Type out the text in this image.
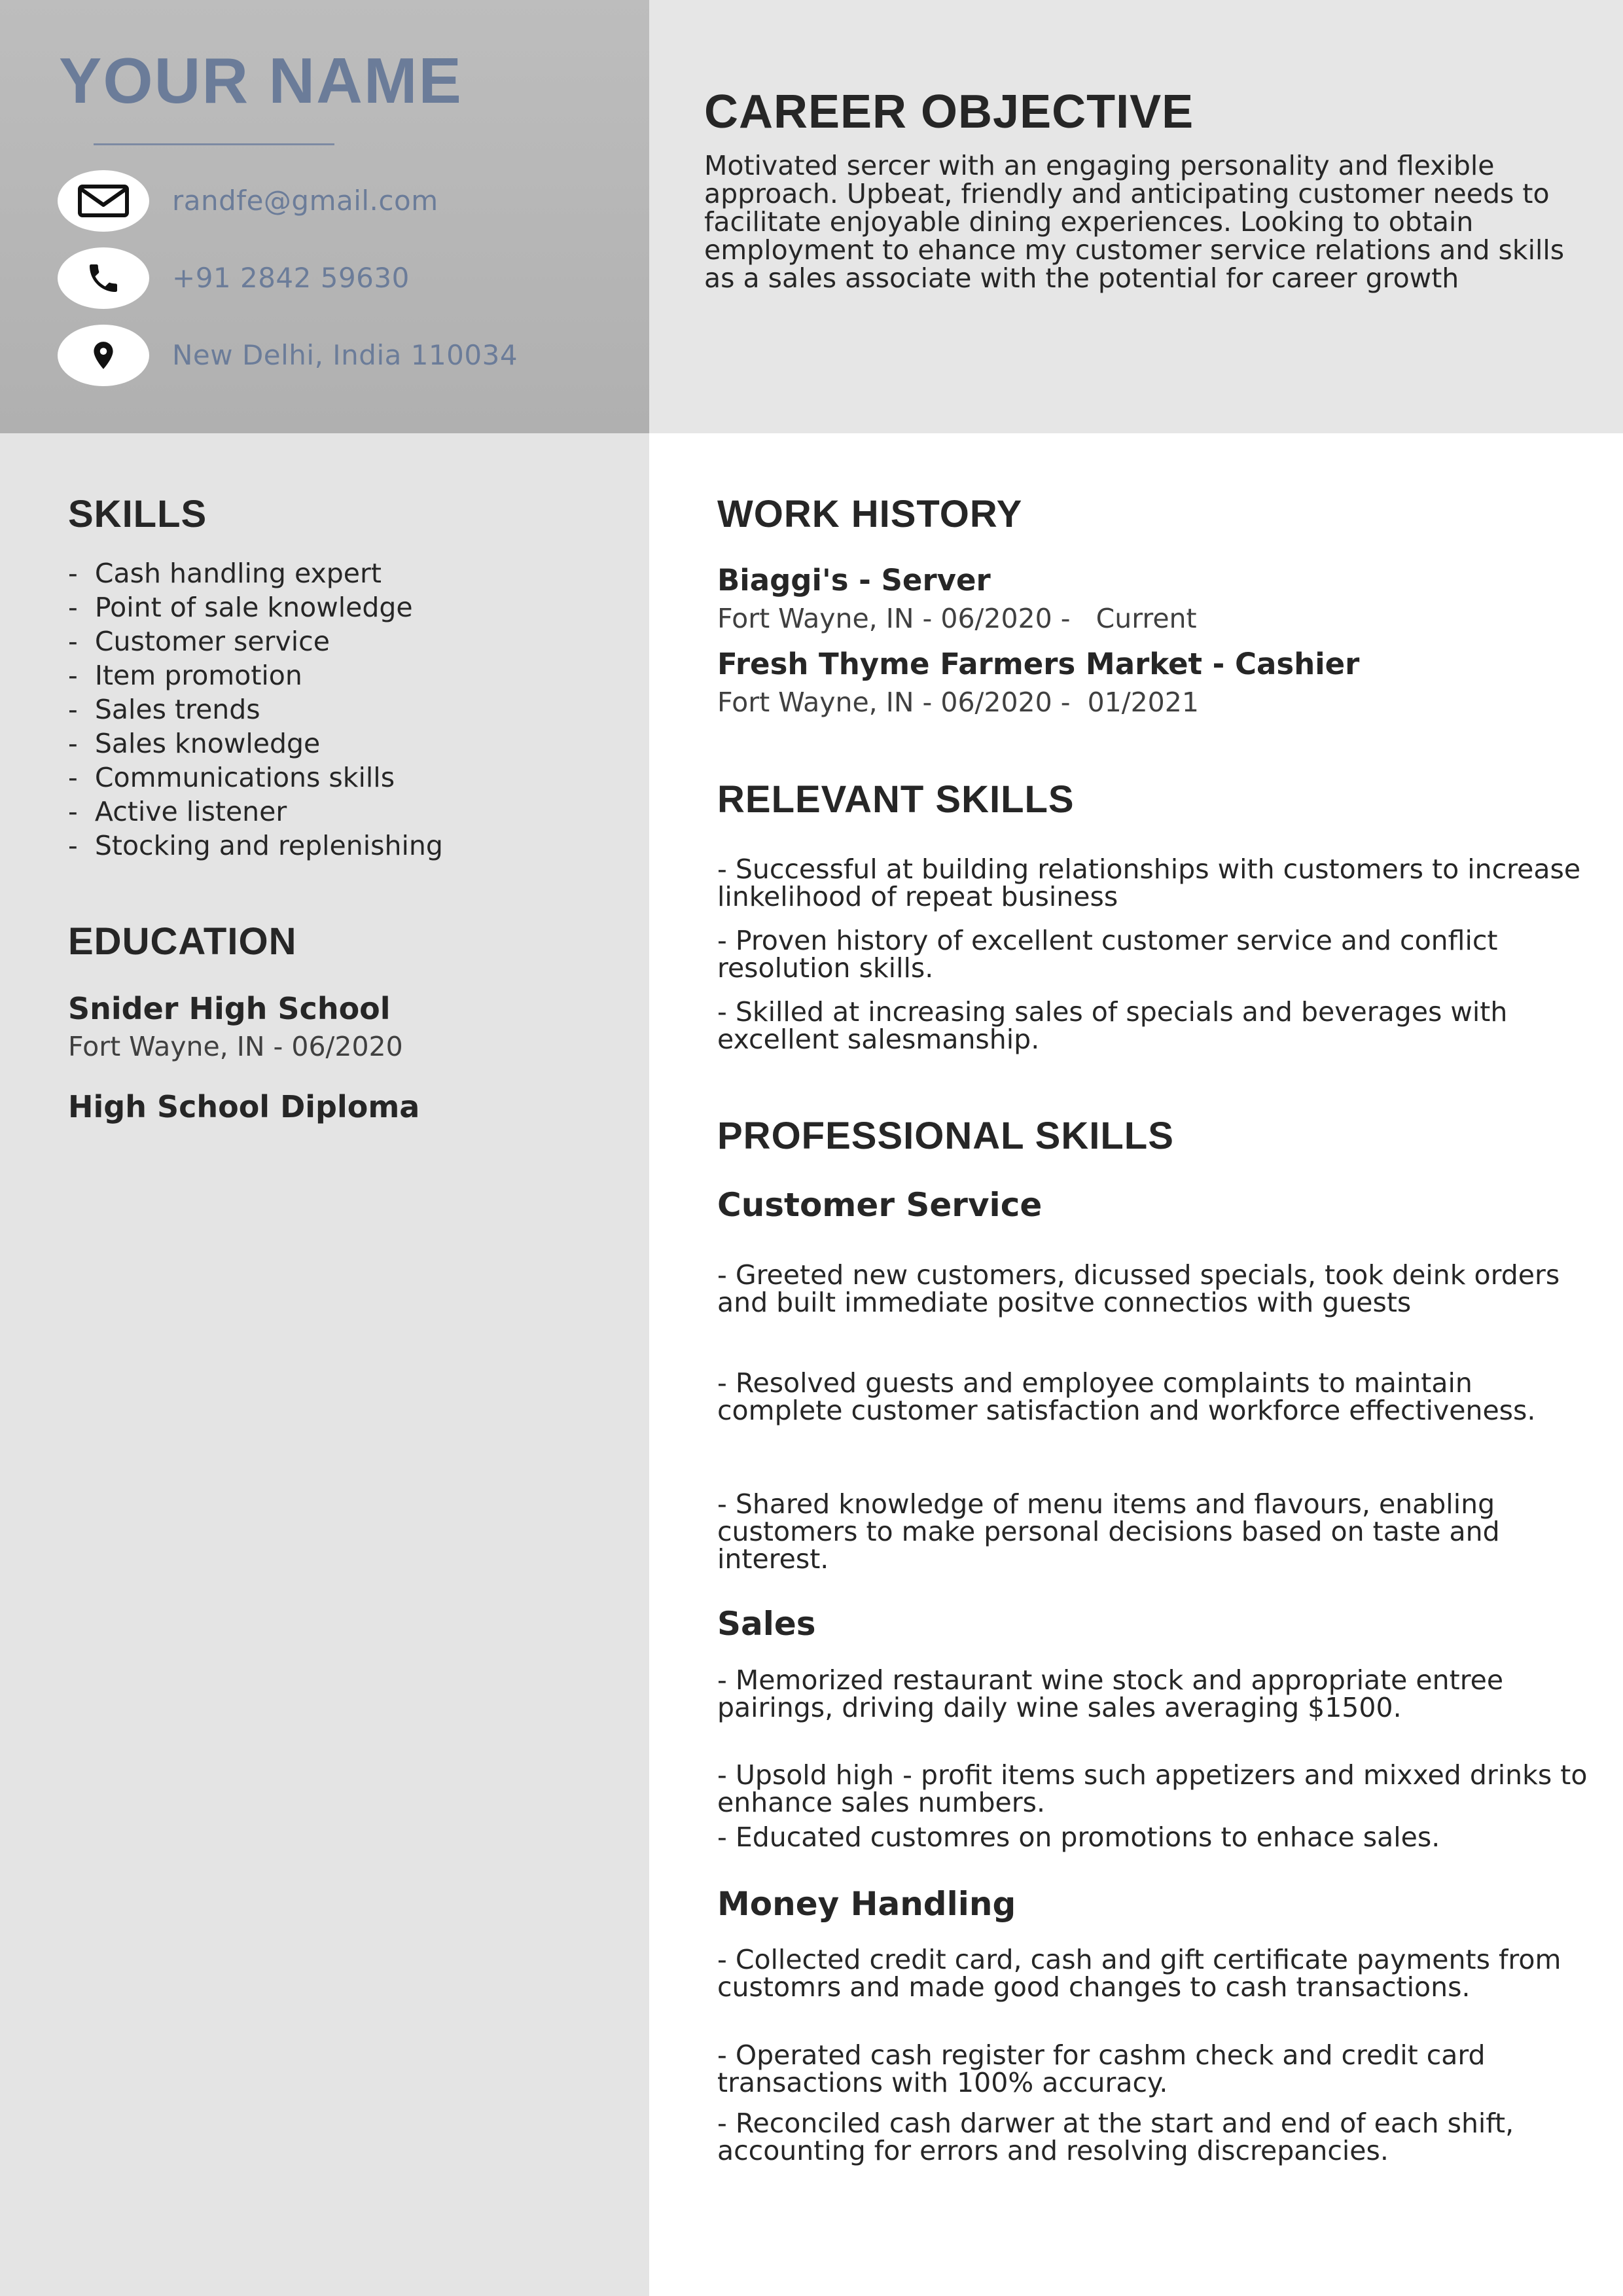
YOUR NAME
randfe@gmail.com
+91 2842 59630
New Delhi, India 110034
CAREER OBJECTIVE

Motivated sercer with an engaging personality and flexible approach. Upbeat, friendly and anticipating customer needs to facilitate enjoyable dining experiences. Looking to obtain employment to ehance my customer service relations and skills as a sales associate with the potential for career growth

SKILLS
-  Cash handling expert
-  Point of sale knowledge
-  Customer service
-  Item promotion
-  Sales trends
-  Sales knowledge
-  Communications skills
-  Active listener
-  Stocking and replenishing
EDUCATION

Snider High School

Fort Wayne, IN - 06/2020

High School Diploma

WORK HISTORY

Biaggi's - Server

Fort Wayne, IN - 06/2020 -   Current

Fresh Thyme Farmers Market - Cashier

Fort Wayne, IN - 06/2020 -  01/2021

RELEVANT SKILLS

- Successful at building relationships with customers to increase linkelihood of repeat business

- Proven history of excellent customer service and conflict resolution skills.

- Skilled at increasing sales of specials and beverages with excellent salesmanship.

PROFESSIONAL SKILLS

Customer Service

- Greeted new customers, dicussed specials, took deink orders and built immediate positve connectios with guests

- Resolved guests and employee complaints to maintain complete customer satisfaction and workforce effectiveness.

- Shared knowledge of menu items and flavours, enabling customers to make personal decisions based on taste and interest.

Sales

- Memorized restaurant wine stock and appropriate entree pairings, driving daily wine sales averaging $1500.

- Upsold high - profit items such appetizers and mixxed drinks to enhance sales numbers.

- Educated customres on promotions to enhace sales.

Money Handling

- Collected credit card, cash and gift certificate payments from customrs and made good changes to cash transactions.

- Operated cash register for cashm check and credit card transactions with 100% accuracy.

- Reconciled cash darwer at the start and end of each shift, accounting for errors and resolving discrepancies.
